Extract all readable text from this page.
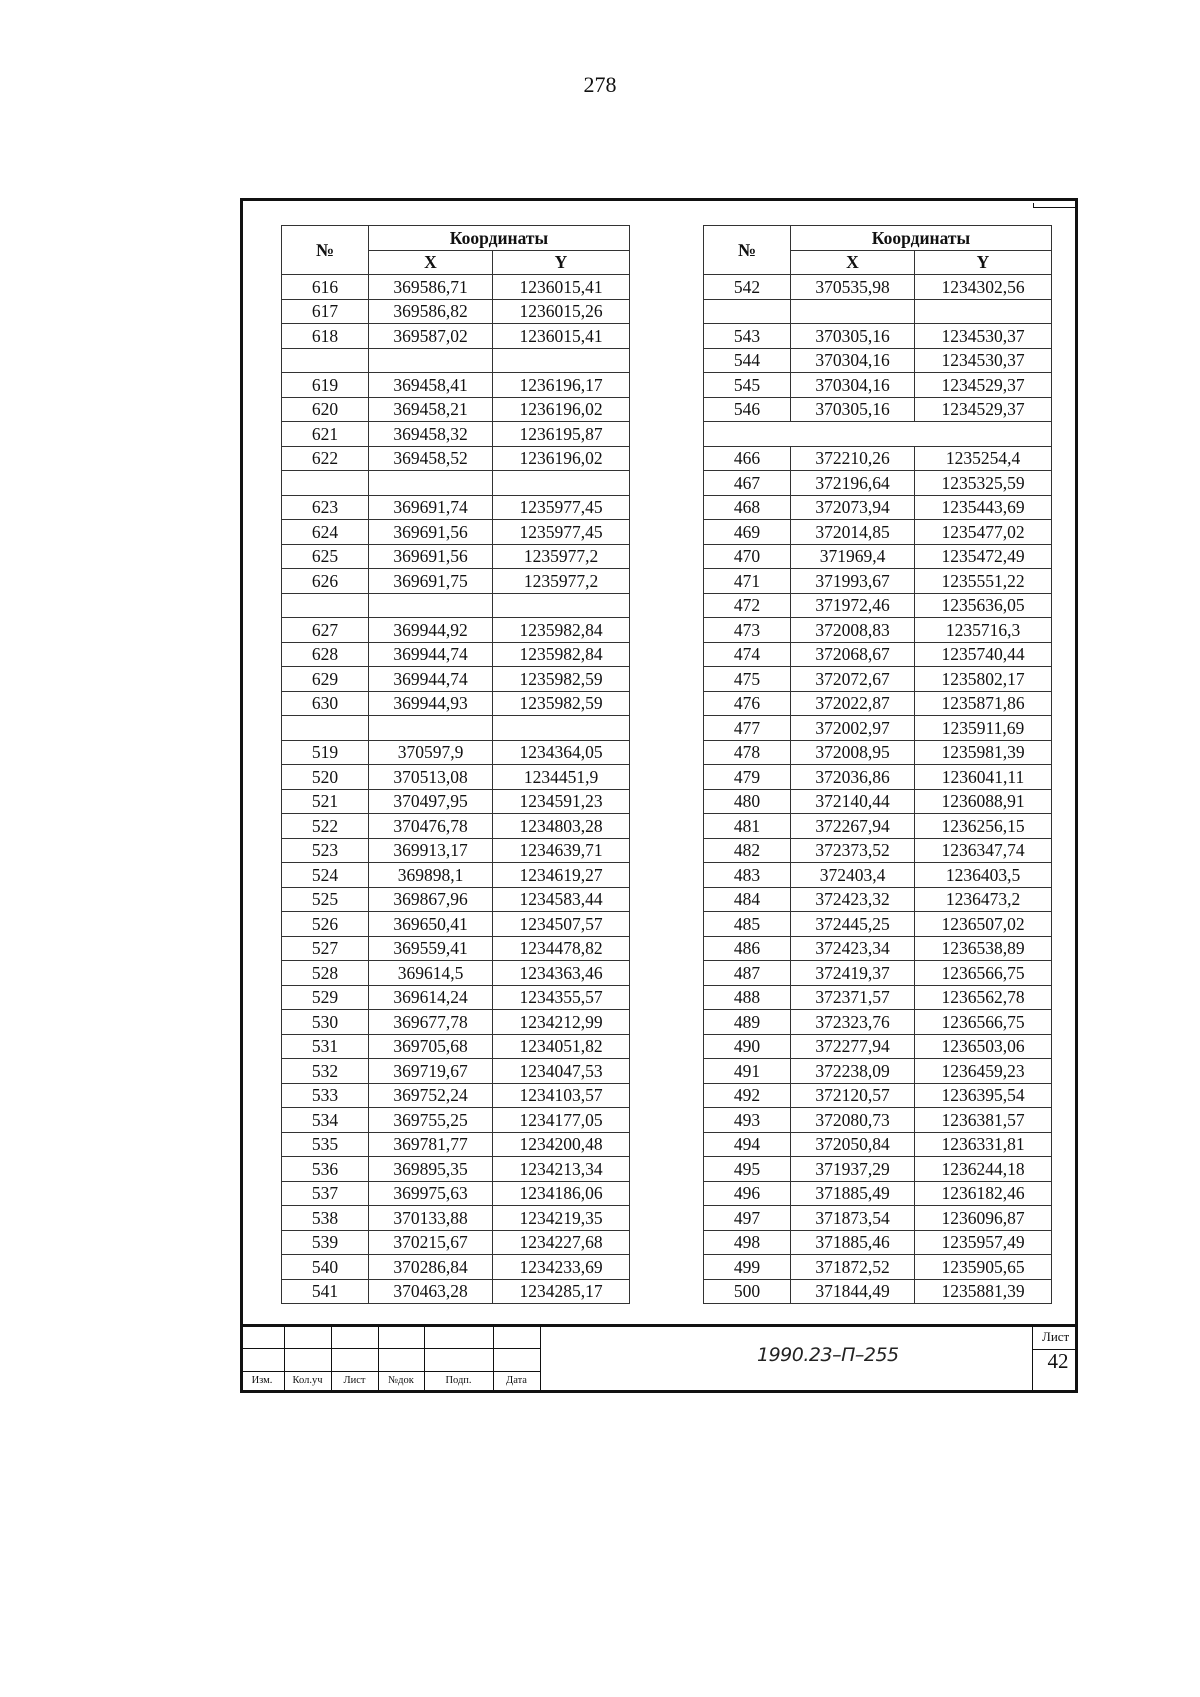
278
№	Координаты	
	X	Y
616	369586,71	1236015,41
617	369586,82	1236015,26
618	369587,02	1236015,41

619	369458,41	1236196,17
620	369458,21	1236196,02
621	369458,32	1236195,87
622	369458,52	1236196,02

623	369691,74	1235977,45
624	369691,56	1235977,45
625	369691,56	1235977,2
626	369691,75	1235977,2

627	369944,92	1235982,84
628	369944,74	1235982,84
629	369944,74	1235982,59
630	369944,93	1235982,59

519	370597,9	1234364,05
520	370513,08	1234451,9
521	370497,95	1234591,23
522	370476,78	1234803,28
523	369913,17	1234639,71
524	369898,1	1234619,27
525	369867,96	1234583,44
526	369650,41	1234507,57
527	369559,41	1234478,82
528	369614,5	1234363,46
529	369614,24	1234355,57
530	369677,78	1234212,99
531	369705,68	1234051,82
532	369719,67	1234047,53
533	369752,24	1234103,57
534	369755,25	1234177,05
535	369781,77	1234200,48
536	369895,35	1234213,34
537	369975,63	1234186,06
538	370133,88	1234219,35
539	370215,67	1234227,68
540	370286,84	1234233,69
541	370463,28	1234285,17
№	Координаты	
	X	Y
542	370535,98	1234302,56

543	370305,16	1234530,37
544	370304,16	1234530,37
545	370304,16	1234529,37
546	370305,16	1234529,37

466	372210,26	1235254,4
467	372196,64	1235325,59
468	372073,94	1235443,69
469	372014,85	1235477,02
470	371969,4	1235472,49
471	371993,67	1235551,22
472	371972,46	1235636,05
473	372008,83	1235716,3
474	372068,67	1235740,44
475	372072,67	1235802,17
476	372022,87	1235871,86
477	372002,97	1235911,69
478	372008,95	1235981,39
479	372036,86	1236041,11
480	372140,44	1236088,91
481	372267,94	1236256,15
482	372373,52	1236347,74
483	372403,4	1236403,5
484	372423,32	1236473,2
485	372445,25	1236507,02
486	372423,34	1236538,89
487	372419,37	1236566,75
488	372371,57	1236562,78
489	372323,76	1236566,75
490	372277,94	1236503,06
491	372238,09	1236459,23
492	372120,57	1236395,54
493	372080,73	1236381,57
494	372050,84	1236331,81
495	371937,29	1236244,18
496	371885,49	1236182,46
497	371873,54	1236096,87
498	371885,46	1235957,49
499	371872,52	1235905,65
500	371844,49	1235881,39
Изм.	Кол.уч	Лист	№док	Подп.	Дата
1990.23–П–255
Лист
42
